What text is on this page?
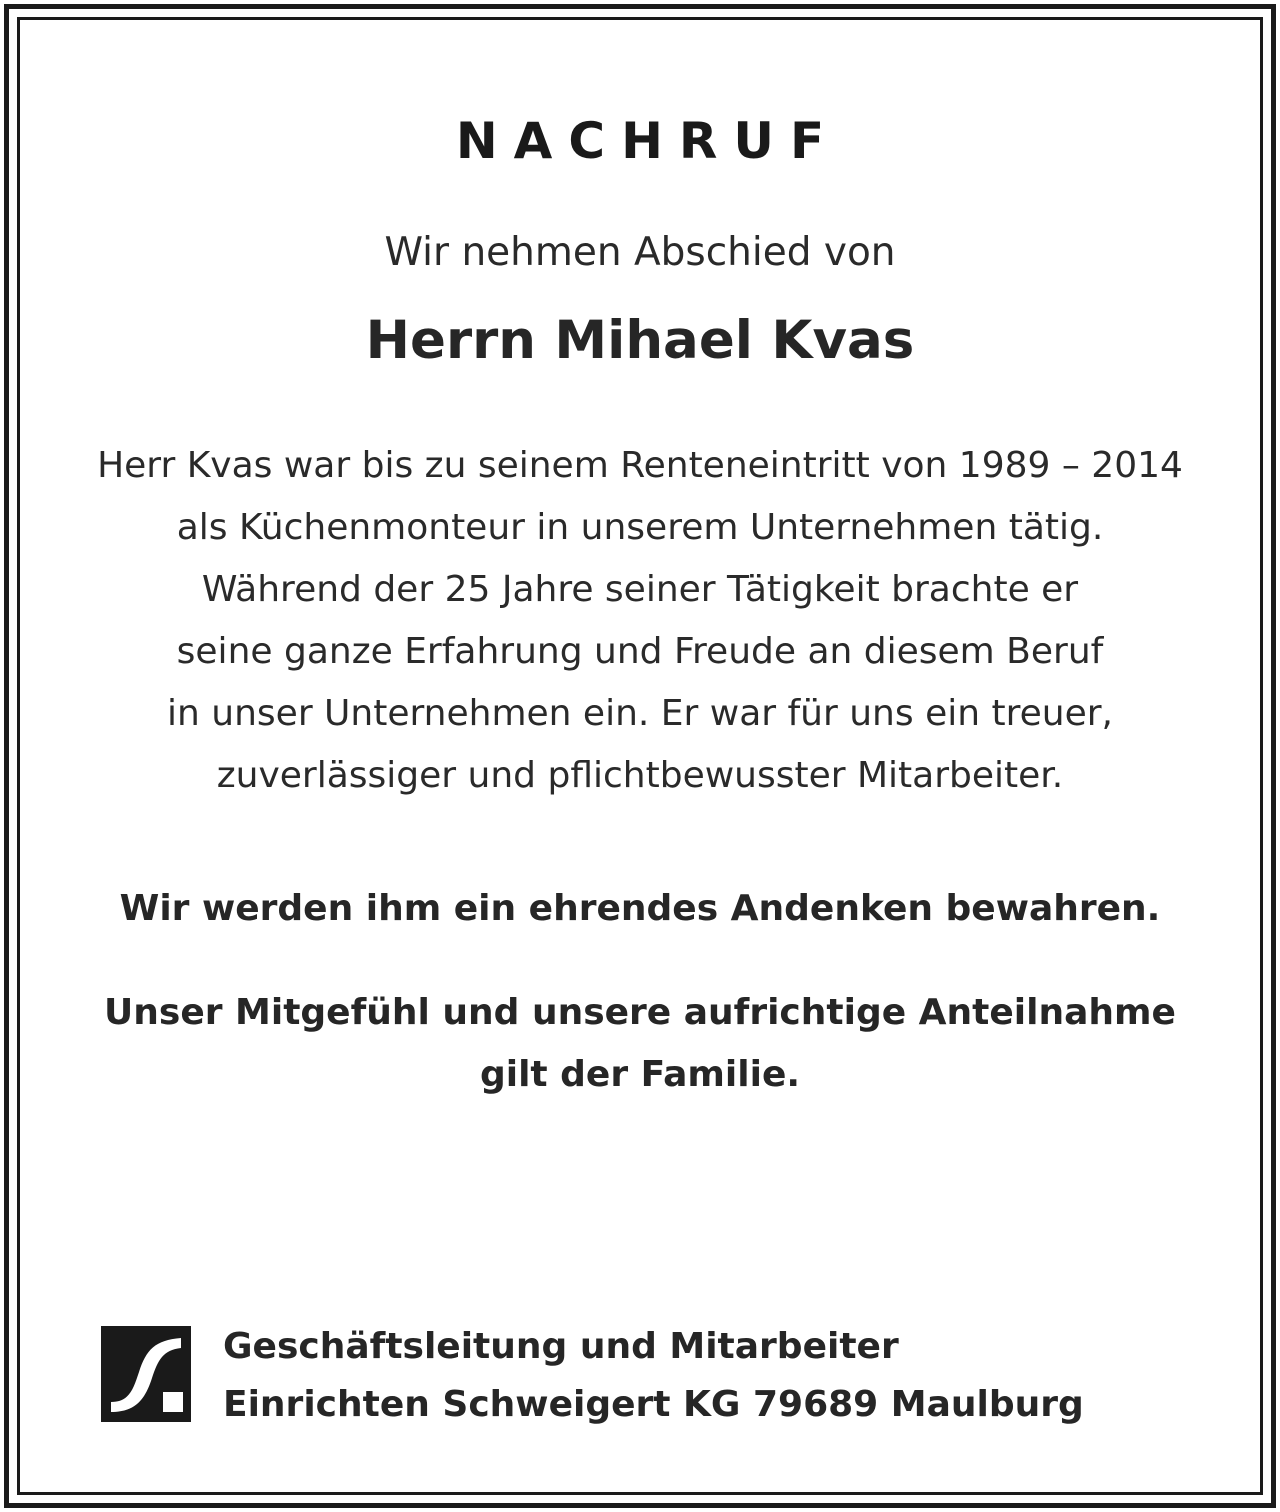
NACHRUF

Wir nehmen Abschied von

Herrn Mihael Kvas

Herr Kvas war bis zu seinem Renteneintritt von 1989 – 2014
als Küchenmonteur in unserem Unternehmen tätig.
Während der 25 Jahre seiner Tätigkeit brachte er
seine ganze Erfahrung und Freude an diesem Beruf
in unser Unternehmen ein. Er war für uns ein treuer,
zuverlässiger und pflichtbewusster Mitarbeiter.

Wir werden ihm ein ehrendes Andenken bewahren.

Unser Mitgefühl und unsere aufrichtige Anteilnahme
gilt der Familie.
Geschäftsleitung und Mitarbeiter
Einrichten Schweigert KG 79689 Maulburg
